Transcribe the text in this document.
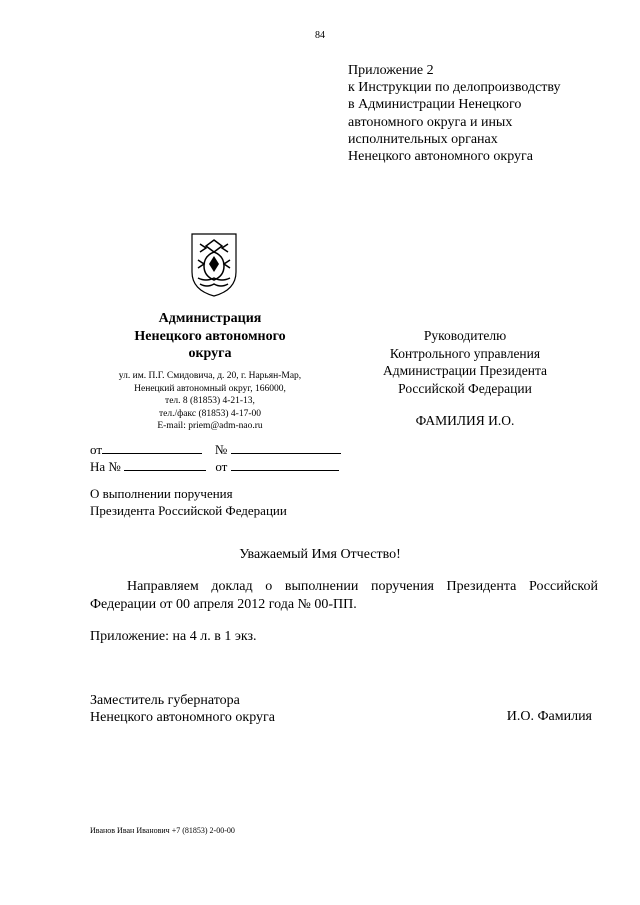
84
Приложение 2
к Инструкции по делопроизводству
в Администрации Ненецкого
автономного округа и иных
исполнительных органах
Ненецкого автономного округа
Администрация
Ненецкого автономного
округа
ул. им. П.Г. Смидовича, д. 20, г. Нарьян-Мар,
Ненецкий автономный округ, 166000,
тел. 8 (81853) 4-21-13,
тел./факс (81853) 4-17-00
E-mail: priem@adm-nao.ru
Руководителю
Контрольного управления
Администрации Президента
Российской Федерации
ФАМИЛИЯ И.О.
от	№
На №	от
О выполнении поручения
Президента Российской Федерации
Уважаемый Имя Отчество!
Направляем доклад о выполнении поручения Президента Российской
Федерации от 00 апреля 2012 года № 00-ПП.
Приложение: на 4 л. в 1 экз.
Заместитель губернатора
Ненецкого автономного округа	И.О. Фамилия
Иванов Иван Иванович +7 (81853) 2-00-00
